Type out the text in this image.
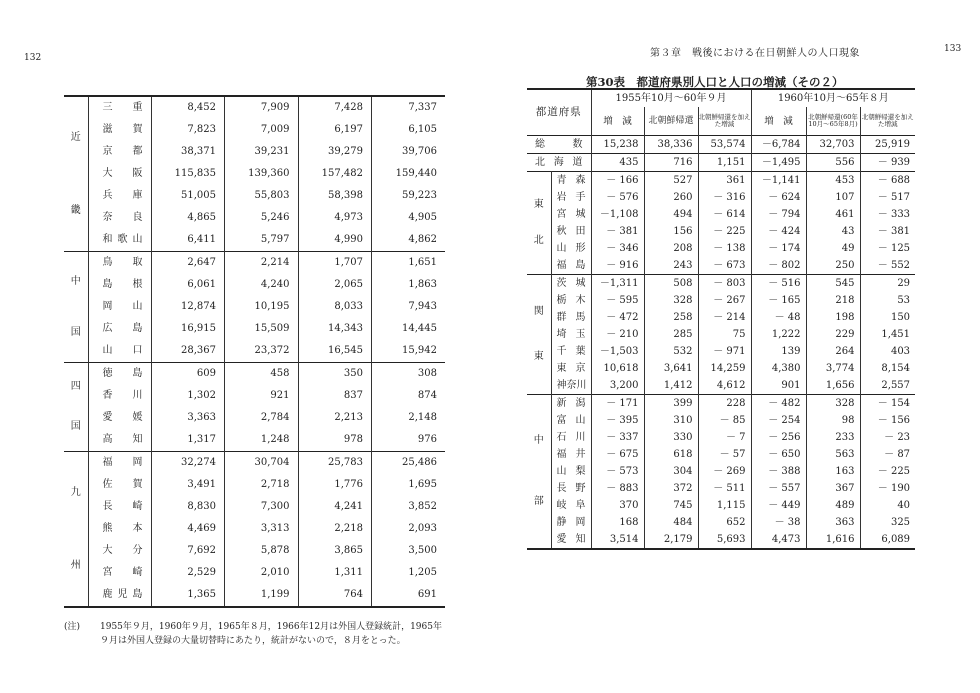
132	第３章　戦後における在日朝鮮人の人口現象	133
近
畿	三重	8,452	7,909	7,428	7,337
	滋賀	7,823	7,009	6,197	6,105
	京都	38,371	39,231	39,279	39,706
	大阪	115,835	139,360	157,482	159,440
	兵庫	51,005	55,803	58,398	59,223
	奈良	4,865	5,246	4,973	4,905
	和歌山	6,411	5,797	4,990	4,862

中
国	鳥取	2,647	2,214	1,707	1,651
	島根	6,061	4,240	2,065	1,863
	岡山	12,874	10,195	8,033	7,943
	広島	16,915	15,509	14,343	14,445
	山口	28,367	23,372	16,545	15,942

四
国	徳島	609	458	350	308
	香川	1,302	921	837	874
	愛媛	3,363	2,784	2,213	2,148
	高知	1,317	1,248	978	976

九
州	福岡	32,274	30,704	25,783	25,486
	佐賀	3,491	2,718	1,776	1,695
	長崎	8,830	7,300	4,241	3,852
	熊本	4,469	3,313	2,218	2,093
	大分	7,692	5,878	3,865	3,500
	宮崎	2,529	2,010	1,311	1,205
	鹿児島	1,365	1,199	764	691
(注) 1955年９月，1960年９月，1965年８月，1966年12月は外国人登録統計，1965年９月は外国人登録の大量切替時にあたり，統計がないので，８月をとった。
第30表　都道府県別人口と人口の増減（その２）
都道府県		1955年10月～60年９月			1960年10月～65年８月		
		増　減	北朝鮮帰還	北朝鮮帰還を加えた増減	増　減	北朝鮮帰還(60年10月～65年8月)	北朝鮮帰還を加えた増減
総　数		15,238	38,336	53,574	－6,784	32,703	25,919
北海道		435	716	1,151	－1,495	556	－ 939

東
北	青森	－ 166	527	361	－1,141	453	－ 688
	岩手	－ 576	260	－ 316	－ 624	107	－ 517
	宮城	－1,108	494	－ 614	－ 794	461	－ 333
	秋田	－ 381	156	－ 225	－ 424	43	－ 381
	山形	－ 346	208	－ 138	－ 174	49	－ 125
	福島	－ 916	243	－ 673	－ 802	250	－ 552

関
東	茨城	－1,311	508	－ 803	－ 516	545	29
	栃木	－ 595	328	－ 267	－ 165	218	53
	群馬	－ 472	258	－ 214	－ 48	198	150
	埼玉	－ 210	285	75	1,222	229	1,451
	千葉	－1,503	532	－ 971	139	264	403
	東京	10,618	3,641	14,259	4,380	3,774	8,154
	神奈川	3,200	1,412	4,612	901	1,656	2,557

中
部	新潟	－ 171	399	228	－ 482	328	－ 154
	富山	－ 395	310	－ 85	－ 254	98	－ 156
	石川	－ 337	330	－ 7	－ 256	233	－ 23
	福井	－ 675	618	－ 57	－ 650	563	－ 87
	山梨	－ 573	304	－ 269	－ 388	163	－ 225
	長野	－ 883	372	－ 511	－ 557	367	－ 190
	岐阜	370	745	1,115	－ 449	489	40
	静岡	168	484	652	－ 38	363	325
	愛知	3,514	2,179	5,693	4,473	1,616	6,089
